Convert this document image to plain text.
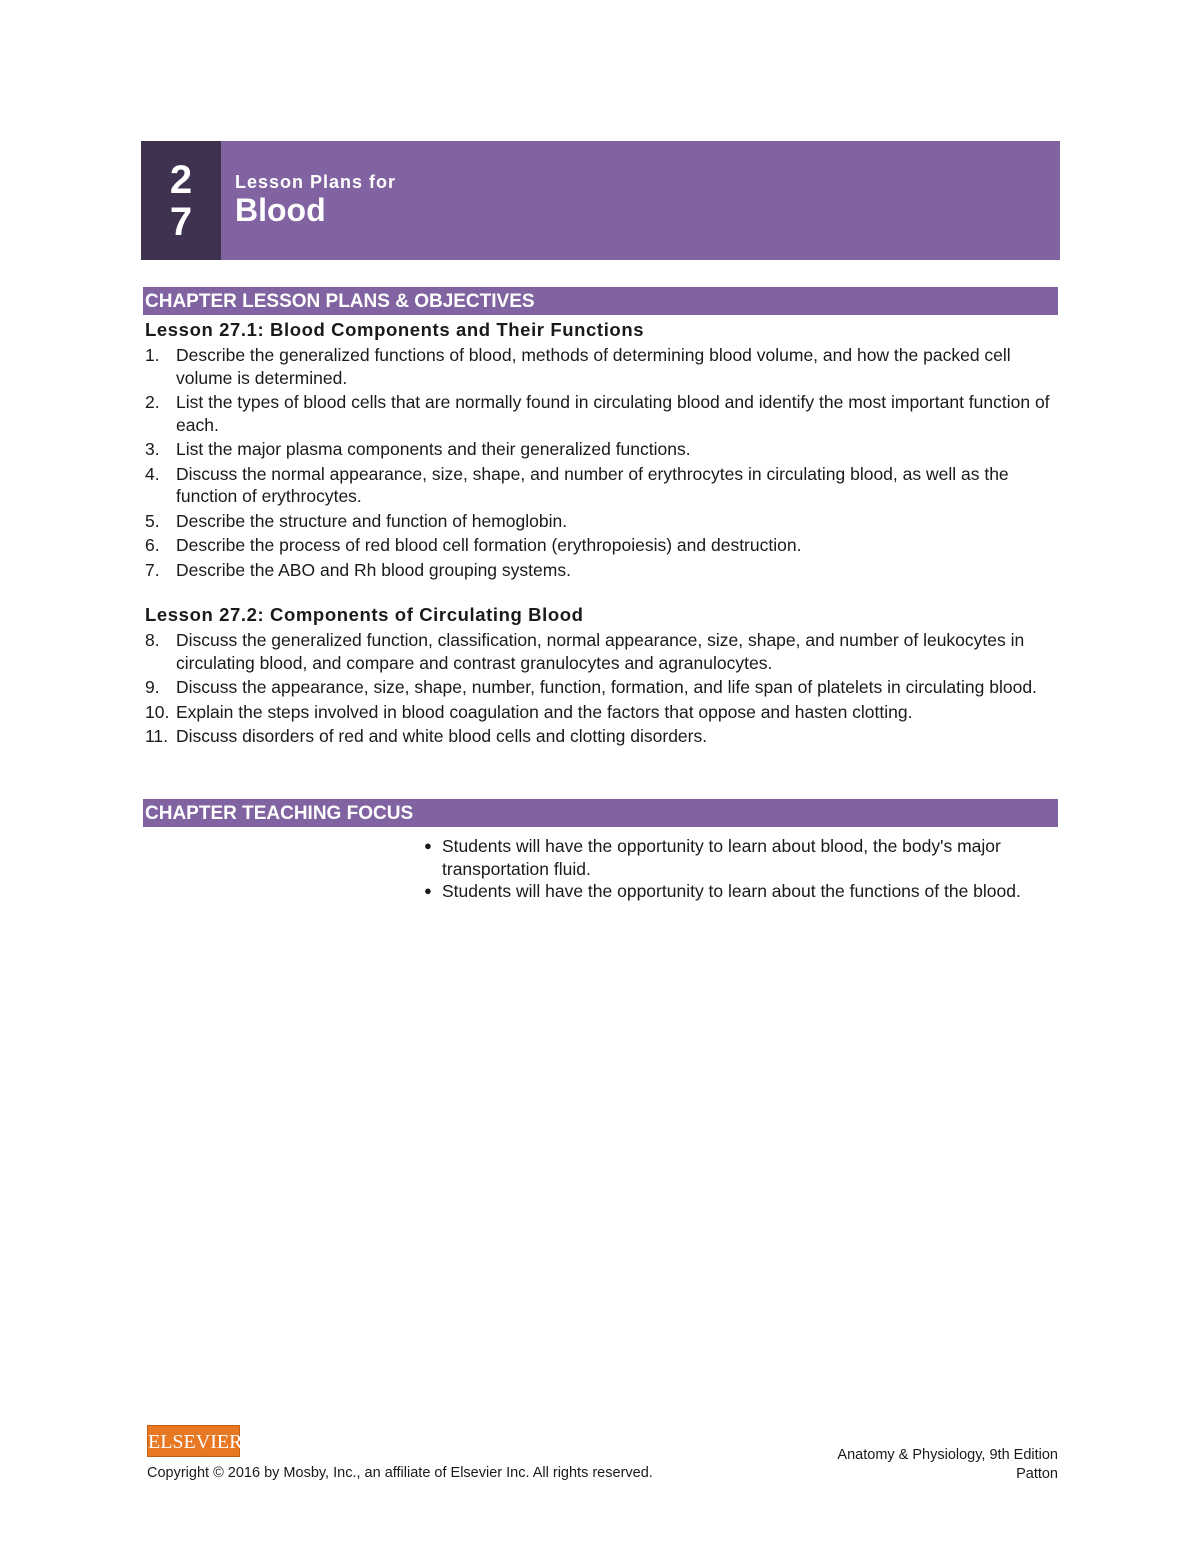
2
7
Lesson Plans for
Blood
CHAPTER LESSON PLANS & OBJECTIVES
Lesson 27.1: Blood Components and Their Functions
1. Describe the generalized functions of blood, methods of determining blood volume, and how the packed cell volume is determined.
2. List the types of blood cells that are normally found in circulating blood and identify the most important function of each.
3. List the major plasma components and their generalized functions.
4. Discuss the normal appearance, size, shape, and number of erythrocytes in circulating blood, as well as the function of erythrocytes.
5. Describe the structure and function of hemoglobin.
6. Describe the process of red blood cell formation (erythropoiesis) and destruction.
7. Describe the ABO and Rh blood grouping systems.
Lesson 27.2: Components of Circulating Blood
8. Discuss the generalized function, classification, normal appearance, size, shape, and number of leukocytes in circulating blood, and compare and contrast granulocytes and agranulocytes.
9. Discuss the appearance, size, shape, number, function, formation, and life span of platelets in circulating blood.
10. Explain the steps involved in blood coagulation and the factors that oppose and hasten clotting.
11. Discuss disorders of red and white blood cells and clotting disorders.
CHAPTER TEACHING FOCUS
● Students will have the opportunity to learn about blood, the body's major transportation fluid.
● Students will have the opportunity to learn about the functions of the blood.
ELSEVIER
Copyright © 2016 by Mosby, Inc., an affiliate of Elsevier Inc. All rights reserved.
Anatomy & Physiology, 9th Edition
Patton
